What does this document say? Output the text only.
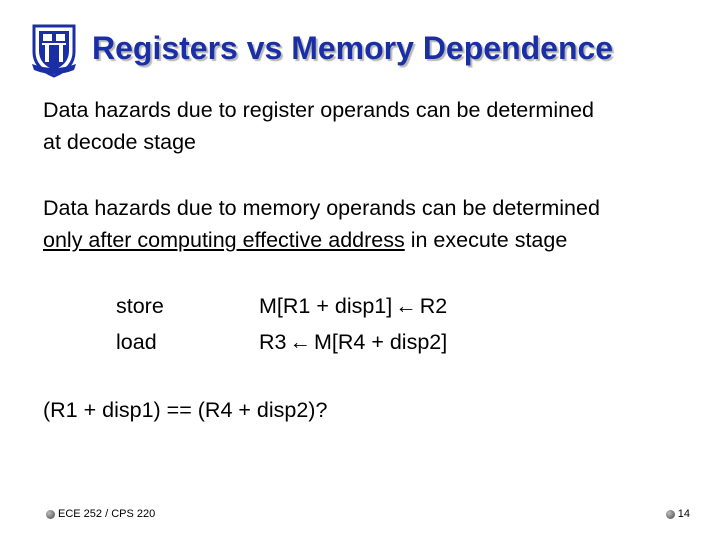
Registers vs Memory Dependence
Data hazards due to register operands can be determined
at decode stage
Data hazards due to memory operands can be determined
only after computing effective address in execute stage
store	M[R1 + disp1] ← R2
load	R3 ← M[R4 + disp2]
(R1 + disp1) == (R4 + disp2)?
ECE 252 / CPS 220	14
